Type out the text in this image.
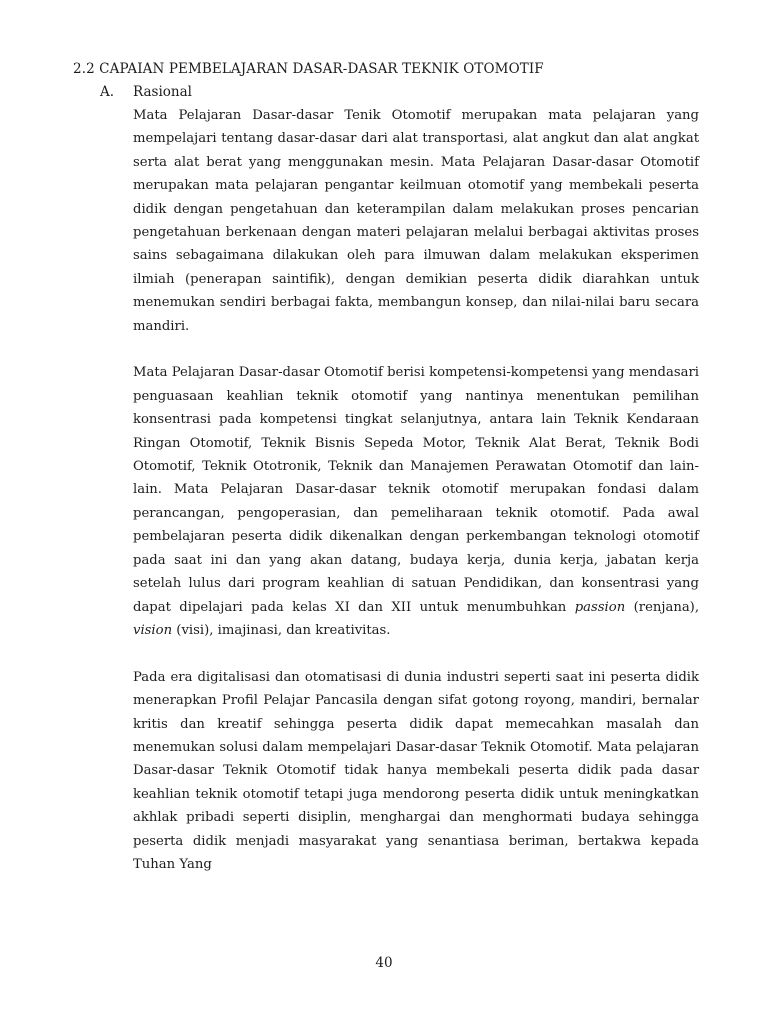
2.2 CAPAIAN PEMBELAJARAN DASAR-DASAR TEKNIK OTOMOTIF
A. Rasional

Mata Pelajaran Dasar-dasar Tenik Otomotif merupakan mata pelajaran yang mempelajari tentang dasar-dasar dari alat transportasi, alat angkut dan alat angkat serta alat berat yang menggunakan mesin. Mata Pelajaran Dasar-dasar Otomotif merupakan mata pelajaran pengantar keilmuan otomotif yang membekali peserta didik dengan pengetahuan dan keterampilan dalam melakukan proses pencarian pengetahuan berkenaan dengan materi pelajaran melalui berbagai aktivitas proses sains sebagaimana dilakukan oleh para ilmuwan dalam melakukan eksperimen ilmiah (penerapan saintifik), dengan demikian peserta didik diarahkan untuk menemukan sendiri berbagai fakta, membangun konsep, dan nilai-nilai baru secara mandiri.

Mata Pelajaran Dasar-dasar Otomotif berisi kompetensi-kompetensi yang mendasari penguasaan keahlian teknik otomotif yang nantinya menentukan pemilihan konsentrasi pada kompetensi tingkat selanjutnya, antara lain Teknik Kendaraan Ringan Otomotif, Teknik Bisnis Sepeda Motor, Teknik Alat Berat, Teknik Bodi Otomotif, Teknik Ototronik, Teknik dan Manajemen Perawatan Otomotif dan lain-lain. Mata Pelajaran Dasar-dasar teknik otomotif merupakan fondasi dalam perancangan, pengoperasian, dan pemeliharaan teknik otomotif. Pada awal pembelajaran peserta didik dikenalkan dengan perkembangan teknologi otomotif pada saat ini dan yang akan datang, budaya kerja, dunia kerja, jabatan kerja setelah lulus dari program keahlian di satuan Pendidikan, dan konsentrasi yang dapat dipelajari pada kelas XI dan XII untuk menumbuhkan passion (renjana), vision (visi), imajinasi, dan kreativitas.

Pada era digitalisasi dan otomatisasi di dunia industri seperti saat ini peserta didik menerapkan Profil Pelajar Pancasila dengan sifat gotong royong, mandiri, bernalar kritis dan kreatif sehingga peserta didik dapat memecahkan masalah dan menemukan solusi dalam mempelajari Dasar-dasar Teknik Otomotif. Mata pelajaran Dasar-dasar Teknik Otomotif tidak hanya membekali peserta didik pada dasar keahlian teknik otomotif tetapi juga mendorong peserta didik untuk meningkatkan akhlak pribadi seperti disiplin, menghargai dan menghormati budaya sehingga peserta didik menjadi masyarakat yang senantiasa beriman, bertakwa kepada Tuhan Yang

40
